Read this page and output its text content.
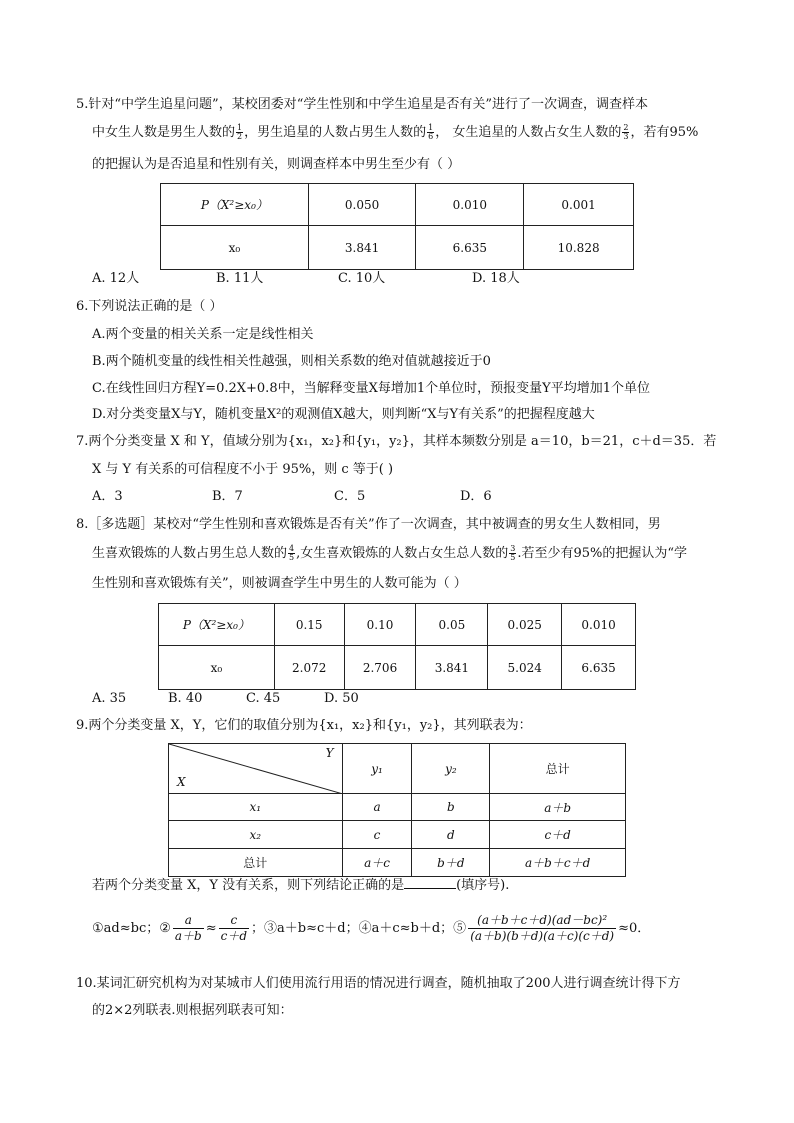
5.针对“中学生追星问题”，某校团委对“学生性别和中学生追星是否有关”进行了一次调查，调查样本
中女生人数是男生人数的 $\frac{1}{2}$ ，男生追星的人数占男生人数的 $\frac{1}{6}$ ， 女生追星的人数占女生人数的 $\frac{2}{3}$ ，若有95%
的把握认为是否追星和性别有关，则调查样本中男生至少有（ ）
P（X²≥x₀）	0.050	0.010	0.001
x₀	3.841	6.635	10.828
A. 12人	B. 11人	C. 10人	D. 18人
6.下列说法正确的是（ ）
A.两个变量的相关关系一定是线性相关
B.两个随机变量的线性相关性越强，则相关系数的绝对值就越接近于0
C.在线性回归方程Y=0.2X+0.8中，当解释变量X每增加1个单位时，预报变量Y平均增加1个单位
D.对分类变量X与Y，随机变量X²的观测值X越大，则判断“X与Y有关系”的把握程度越大
7.两个分类变量 X 和 Y，值域分别为{x₁，x₂}和{y₁，y₂}，其样本频数分别是 a＝10，b＝21，c＋d＝35．若
X 与 Y 有关系的可信程度不小于 95%，则 c 等于( )
A．3	B．7	C．5	D．6
8.［多选题］某校对“学生性别和喜欢锻炼是否有关”作了一次调查，其中被调查的男女生人数相同，男
生喜欢锻炼的人数占男生总人数的 $\frac{4}{5}$ ,女生喜欢锻炼的人数占女生总人数的 $\frac{3}{5}$ .若至少有95%的把握认为“学
生性别和喜欢锻炼有关”，则被调查学生中男生的人数可能为（ ）
P（X²≥x₀）	0.15	0.10	0.05	0.025	0.010
x₀	2.072	2.706	3.841	5.024	6.635
A. 35	B. 40	C. 45	D. 50
9.两个分类变量 X，Y，它们的取值分别为{x₁，x₂}和{y₁，y₂}，其列联表为：
Y
X	y₁	y₂	总计
x₁	a	b	a＋b
x₂	c	d	c＋d
总计	a＋c	b＋d	a＋b＋c＋d
若两个分类变量 X，Y 没有关系，则下列结论正确的是	(填序号).
①ad≈bc；② $\frac{a}{a+b} \approx \frac{c}{c+d}$ ；③a＋b≈c＋d；④a＋c≈b＋d；⑤ $\frac{\text{(a＋b＋c＋d)(ad－bc)²}}{(a+b)(b+d)(a+c)(c+d)} \approx 0$．
10.某词汇研究机构为对某城市人们使用流行用语的情况进行调查，随机抽取了200人进行调查统计得下方
的2×2列联表.则根据列联表可知：
